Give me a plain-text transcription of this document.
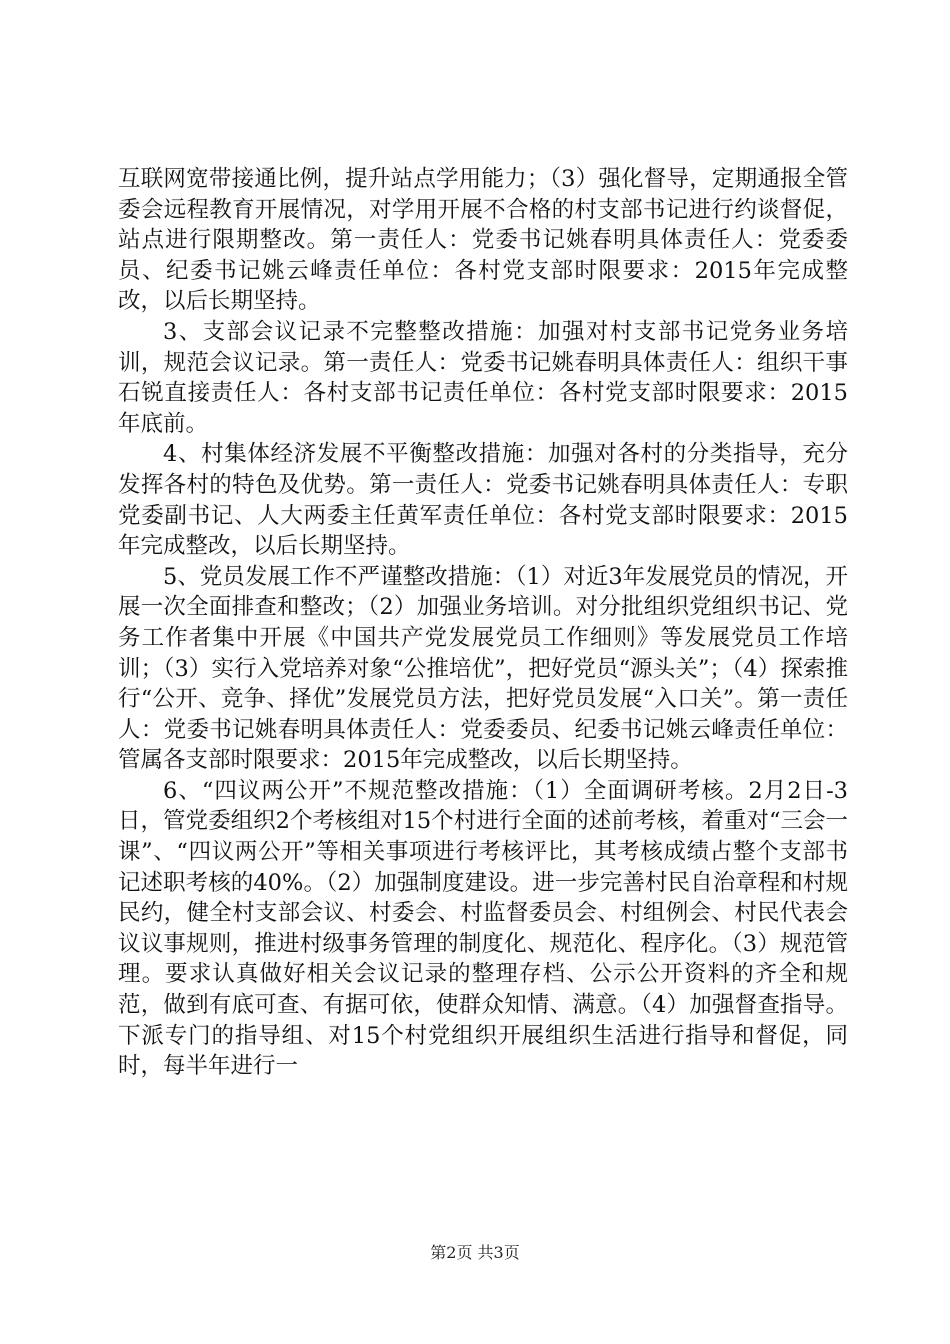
互联网宽带接通比例，提升站点学用能力；（3）强化督导，定期通报全管委会远程教育开展情况，对学用开展不合格的村支部书记进行约谈督促，站点进行限期整改。第一责任人：党委书记姚春明具体责任人：党委委员、纪委书记姚云峰责任单位：各村党支部时限要求：2015年完成整改，以后长期坚持。

3、支部会议记录不完整整改措施：加强对村支部书记党务业务培训，规范会议记录。第一责任人：党委书记姚春明具体责任人：组织干事石锐直接责任人：各村支部书记责任单位：各村党支部时限要求：2015年底前。

4、村集体经济发展不平衡整改措施：加强对各村的分类指导，充分发挥各村的特色及优势。第一责任人：党委书记姚春明具体责任人：专职党委副书记、人大两委主任黄军责任单位：各村党支部时限要求：2015年完成整改，以后长期坚持。

5、党员发展工作不严谨整改措施：（1）对近3年发展党员的情况，开展一次全面排查和整改；（2）加强业务培训。对分批组织党组织书记、党务工作者集中开展《中国共产党发展党员工作细则》等发展党员工作培训；（3）实行入党培养对象“公推培优”，把好党员“源头关”；（4）探索推行“公开、竞争、择优”发展党员方法，把好党员发展“入口关”。第一责任人：党委书记姚春明具体责任人：党委委员、纪委书记姚云峰责任单位：管属各支部时限要求：2015年完成整改，以后长期坚持。

6、“四议两公开”不规范整改措施：（1）全面调研考核。2月2日-3日，管党委组织2个考核组对15个村进行全面的述前考核，着重对“三会一课”、“四议两公开”等相关事项进行考核评比，其考核成绩占整个支部书记述职考核的40%。（2）加强制度建设。进一步完善村民自治章程和村规民约，健全村支部会议、村委会、村监督委员会、村组例会、村民代表会议议事规则，推进村级事务管理的制度化、规范化、程序化。（3）规范管理。要求认真做好相关会议记录的整理存档、公示公开资料的齐全和规范，做到有底可查、有据可依，使群众知情、满意。（4）加强督查指导。下派专门的指导组、对15个村党组织开展组织生活进行指导和督促，同时，每半年进行一

第2页 共3页
